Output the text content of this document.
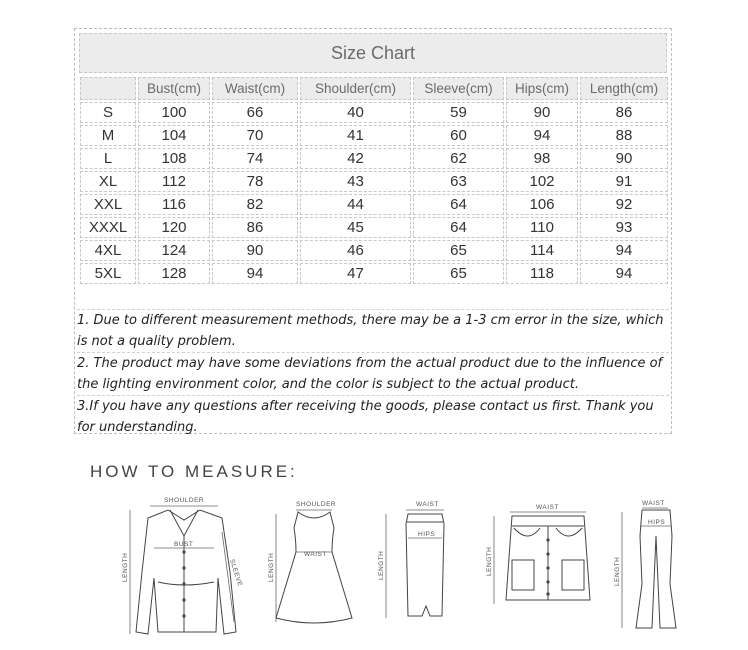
Size Chart
	Bust(cm)	Waist(cm)	Shoulder(cm)	Sleeve(cm)	Hips(cm)	Length(cm)
S	100	66	40	59	90	86
M	104	70	41	60	94	88
L	108	74	42	62	98	90
XL	112	78	43	63	102	91
XXL	116	82	44	64	106	92
XXXL	120	86	45	64	110	93
4XL	124	90	46	65	114	94
5XL	128	94	47	65	118	94
1. Due to different measurement methods, there may be a 1-3 cm error in the size, which is not a quality problem.
2. The product may have some deviations from the actual product due to the influence of the lighting environment color, and the color is subject to the actual product.
3.If you have any questions after receiving the goods, please contact us first. Thank you for understanding.
HOW TO MEASURE:
SHOULDER
LENGTH
BUST
SLEEVE
SHOULDER
LENGTH	WAIST
WAIST
LENGTH
HIPS
WAIST
LENGTH
WAIST
LENGTH
HIPS
